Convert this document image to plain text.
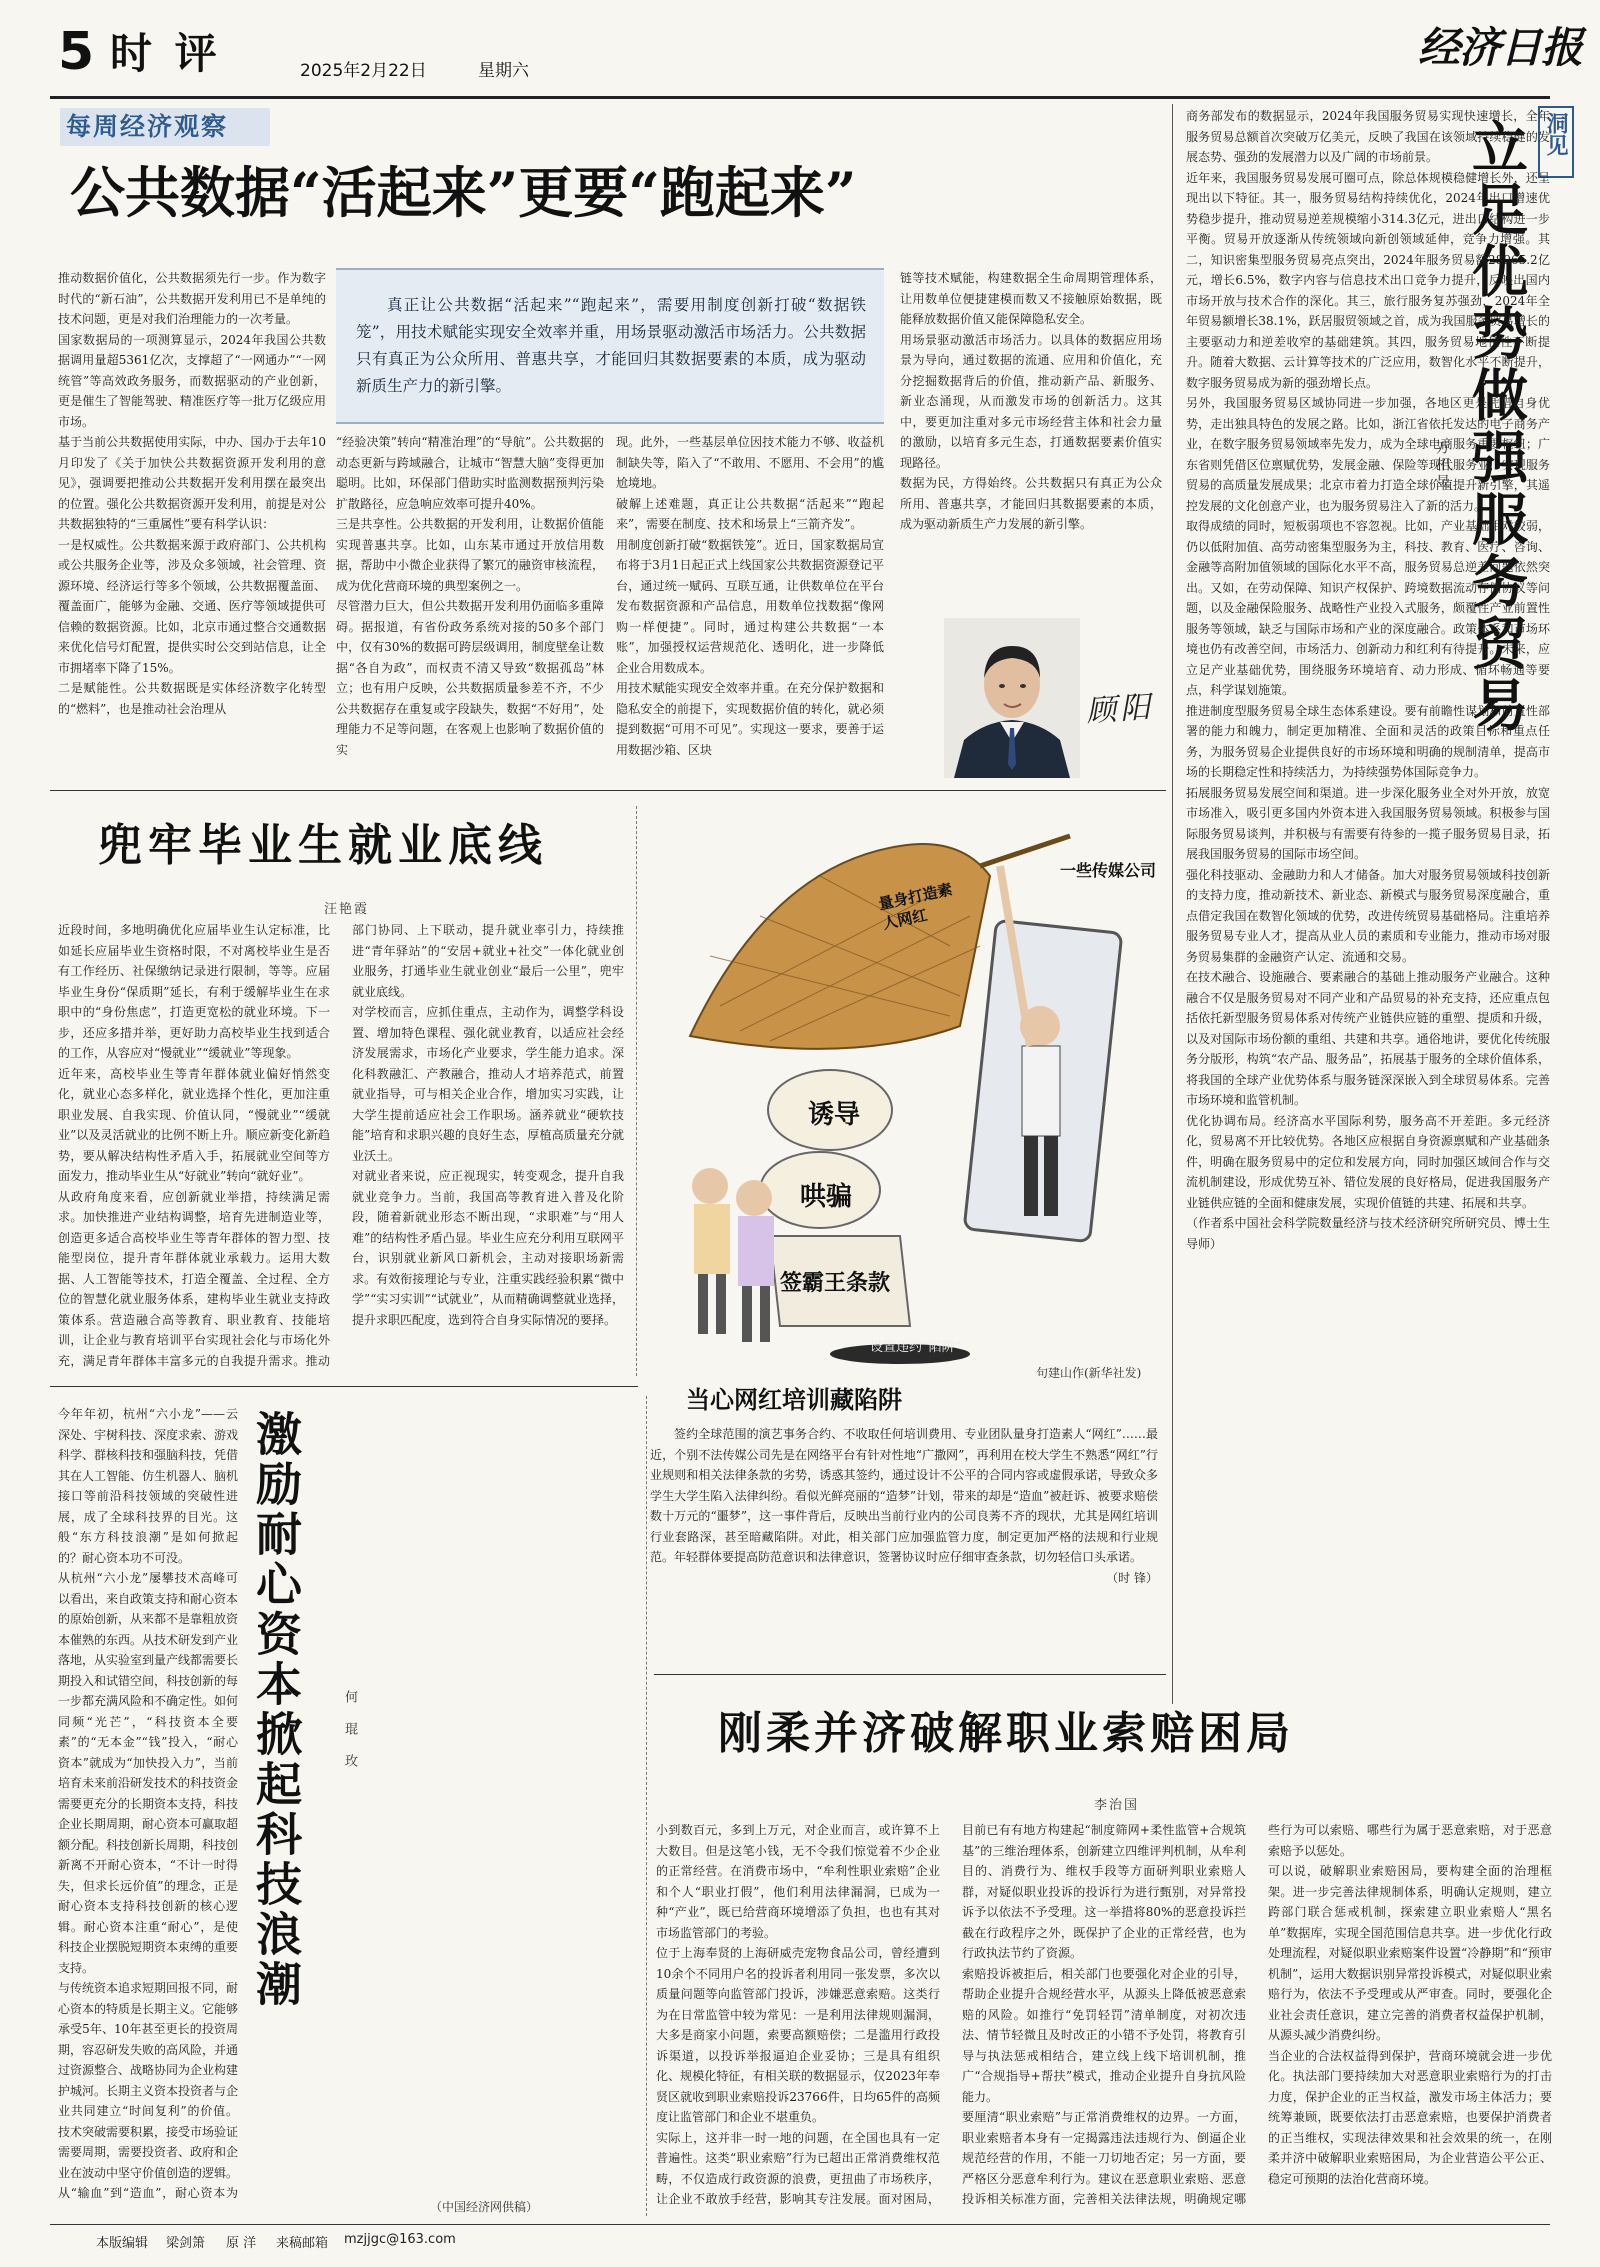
5 时 评	2025年2月22日	星期六	经济日报
每周经济观察
公共数据“活起来”更要“跑起来”
推动数据价值化，公共数据须先行一步。作为数字时代的“新石油”，公共数据开发利用已不是单纯的技术问题，更是对我们治理能力的一次考量。
国家数据局的一项测算显示，2024年我国公共数据调用量超5361亿次，支撑超了“一网通办”“一网统管”等高效政务服务，而数据驱动的产业创新，更是催生了智能驾驶、精准医疗等一批万亿级应用市场。
基于当前公共数据使用实际，中办、国办于去年10月印发了《关于加快公共数据资源开发利用的意见》，强调要把推动公共数据开发利用摆在最突出的位置。强化公共数据资源开发利用，前提是对公共数据独特的“三重属性”要有科学认识：
一是权威性。公共数据来源于政府部门、公共机构或公共服务企业等，涉及众多领域，社会管理、资源环境、经济运行等多个领域，公共数据覆盖面、覆盖面广，能够为金融、交通、医疗等领域提供可信赖的数据资源。比如，北京市通过整合交通数据来优化信号灯配置，提供实时公交到站信息，让全市拥堵率下降了15%。
二是赋能性。公共数据既是实体经济数字化转型的“燃料”，也是推动社会治理从
真正让公共数据“活起来”“跑起来”，需要用制度创新打破“数据铁笼”，用技术赋能实现安全效率并重，用场景驱动激活市场活力。公共数据只有真正为公众所用、普惠共享，才能回归其数据要素的本质，成为驱动新质生产力的新引擎。
“经验决策”转向“精准治理”的“导航”。公共数据的动态更新与跨域融合，让城市“智慧大脑”变得更加聪明。比如，环保部门借助实时监测数据预判污染扩散路径，应急响应效率可提升40%。
三是共享性。公共数据的开发利用，让数据价值能实现普惠共享。比如，山东某市通过开放信用数据，帮助中小微企业获得了繁冗的融资审核流程，成为优化营商环境的典型案例之一。
尽管潜力巨大，但公共数据开发利用仍面临多重障碍。据报道，有省份政务系统对接的50多个部门中，仅有30%的数据可跨层级调用，制度壁垒让数据“各自为政”，而权责不清又导致“数据孤岛”林立；也有用户反映，公共数据质量参差不齐，不少公共数据存在重复或字段缺失，数据“不好用”，处理能力不足等问题，在客观上也影响了数据价值的实
现。此外，一些基层单位因技术能力不够、收益机制缺失等，陷入了“不敢用、不愿用、不会用”的尴尬境地。
破解上述难题，真正让公共数据“活起来”“跑起来”，需要在制度、技术和场景上“三箭齐发”。
用制度创新打破“数据铁笼”。近日，国家数据局宣布将于3月1日起正式上线国家公共数据资源登记平台，通过统一赋码、互联互通，让供数单位在平台发布数据资源和产品信息，用数单位找数据“像网购一样便捷”。同时，通过构建公共数据“一本账”，加强授权运营规范化、透明化，进一步降低企业合用数成本。
用技术赋能实现安全效率并重。在充分保护数据和隐私安全的前提下，实现数据价值的转化，就必须提到数据“可用不可见”。实现这一要求，要善于运用数据沙箱、区块
链等技术赋能，构建数据全生命周期管理体系，让用数单位便捷建模而数又不接触原始数据，既能释放数据价值又能保障隐私安全。
用场景驱动激活市场活力。以具体的数据应用场景为导向，通过数据的流通、应用和价值化，充分挖掘数据背后的价值，推动新产品、新服务、新业态涌现，从而激发市场的创新活力。这其中，要更加注重对多元市场经营主体和社会力量的激励，以培育多元生态，打通数据要素价值实现路径。
数据为民，方得始终。公共数据只有真正为公众所用、普惠共享，才能回归其数据要素的本质，成为驱动新质生产力发展的新引擎。
顾阳
洞见
立足优势做强服务贸易
万相昱
商务部发布的数据显示，2024年我国服务贸易实现快速增长，全年服务贸易总额首次突破万亿美元，反映了我国在该领域持续稳健的发展态势、强劲的发展潜力以及广阔的市场前景。
近年来，我国服务贸易发展可圈可点，除总体规模稳健增长外，还呈现出以下特征。其一，服务贸易结构持续优化，2024年出口增速优势稳步提升，推动贸易逆差规模缩小314.3亿元，进出口结构进一步平衡。贸易开放逐渐从传统领域向新创领域延伸，竞争力增强。其二，知识密集型服务贸易亮点突出，2024年服务贸易额28965.2亿元，增长6.5%，数字内容与信息技术出口竞争力提升，反映出国内市场开放与技术合作的深化。其三，旅行服务复苏强劲，2024年全年贸易额增长38.1%，跃居服贸领域之首，成为我国服务贸易增长的主要驱动力和逆差收窄的基础建筑。其四，服务贸易地位性不断提升。随着大数据、云计算等技术的广泛应用，数智化水平不断提升，数字服务贸易成为新的强劲增长点。
另外，我国服务贸易区域协同进一步加强，各地区更是凭借自身优势，走出独具特色的发展之路。比如，浙江省依托发达的电子商务产业，在数字服务贸易领域率先发力，成为全球电商服务重要枢纽；广东省则凭借区位禀赋优势，发展金融、保险等现代服务业，实现服务贸易的高质量发展成果；北京市着力打造全球价值提升新引擎，其遥控发展的文化创意产业，也为服务贸易注入了新的活力。
取得成绩的同时，短板弱项也不容忽视。比如，产业基础相对较弱，仍以低附加值、高劳动密集型服务为主，科技、教育、医疗、咨询、金融等高附加值领域的国际化水平不高，服务贸易总逆差问题依然突出。又如，在劳动保障、知识产权保护、跨境数据流动存储协议等问题，以及金融保险服务、战略性产业投入式服务，颇覆性产业前置性服务等领域，缺乏与国际市场和产业的深度融合。政策体系和市场环境也仍有改善空间，市场活力、创新动力和红利有待提升。未来，应立足产业基础优势，围绕服务环境培育、动力形成、循环畅通等要点，科学谋划施策。
推进制度型服务贸易全球生态体系建设。要有前瞻性谋划和前置性部署的能力和魄力，制定更加精准、全面和灵活的政策目标和重点任务，为服务贸易企业提供良好的市场环境和明确的规制清单，提高市场的长期稳定性和持续活力，为持续强势体国际竞争力。
拓展服务贸易发展空间和渠道。进一步深化服务业全对外开放，放宽市场准入，吸引更多国内外资本进入我国服务贸易领域。积极参与国际服务贸易谈判，并积极与有需要有待参的一揽子服务贸易目录，拓展我国服务贸易的国际市场空间。
强化科技驱动、金融助力和人才储备。加大对服务贸易领域科技创新的支持力度，推动新技术、新业态、新模式与服务贸易深度融合，重点借定我国在数智化领域的优势，改进传统贸易基础格局。注重培养服务贸易专业人才，提高从业人员的素质和专业能力，推动市场对服务贸易集群的金融资产认定、流通和交易。
在技术融合、设施融合、要素融合的基础上推动服务产业融合。这种融合不仅是服务贸易对不同产业和产品贸易的补充支持，还应重点包括依托新型服务贸易体系对传统产业链供应链的重塑、提质和升级，以及对国际市场份额的重组、共建和共享。通俗地讲，要优化传统服务分版形，构筑“农产品、服务品”，拓展基于服务的全球价值体系，将我国的全球产业优势体系与服务链深深嵌入到全球贸易体系。完善市场环境和监管机制。
优化协调布局。经济高水平国际利势，服务高不开差距。多元经济化，贸易离不开比较优势。各地区应根据自身资源禀赋和产业基础条件，明确在服务贸易中的定位和发展方向，同时加强区域间合作与交流机制建设，形成优势互补、错位发展的良好格局，促进我国服务产业链供应链的全面和健康发展，实现价值链的共建、拓展和共享。
（作者系中国社会科学院数量经济与技术经济研究所研究员、博士生导师）
兜牢毕业生就业底线
汪艳霞
近段时间，多地明确优化应届毕业生认定标准，比如延长应届毕业生资格时限，不对离校毕业生是否有工作经历、社保缴纳记录进行限制，等等。应届毕业生身份“保质期”延长，有利于缓解毕业生在求职中的“身份焦虑”，打造更宽松的就业环境。下一步，还应多措并举，更好助力高校毕业生找到适合的工作，从容应对“慢就业”“缓就业”等现象。
近年来，高校毕业生等青年群体就业偏好悄然变化，就业心态多样化，就业选择个性化，更加注重职业发展、自我实现、价值认同，“慢就业”“缓就业”以及灵活就业的比例不断上升。顺应新变化新趋势，要从解决结构性矛盾入手，拓展就业空间等方面发力，推动毕业生从“好就业”转向“就好业”。
从政府角度来看，应创新就业举措，持续满足需求。加快推进产业结构调整，培育先进制造业等，创造更多适合高校毕业生等青年群体的智力型、技能型岗位，提升青年群体就业承载力。运用大数据、人工智能等技术，打造全覆盖、全过程、全方位的智慧化就业服务体系，建构毕业生就业支持政策体系。营造融合高等教育、职业教育、技能培训，让企业与教育培训平台实现社会化与市场化外充，满足青年群体丰富多元的自我提升需求。推动部门协同、上下联动，提升就业率引力，持续推进“青年驿站”的“安居+就业+社交”一体化就业创业服务，打通毕业生就业创业“最后一公里”，兜牢就业底线。
对学校而言，应抓住重点，主动作为，调整学科设置、增加特色课程、强化就业教育，以适应社会经济发展需求，市场化产业要求，学生能力追求。深化科教融汇、产教融合，推动人才培养范式，前置就业指导，可与相关企业合作，增加实习实践，让大学生提前适应社会工作职场。涵养就业“硬软技能”培育和求职兴趣的良好生态，厚植高质量充分就业沃土。
对就业者来说，应正视现实，转变观念，提升自我就业竞争力。当前，我国高等教育进入普及化阶段，随着新就业形态不断出现，“求职难”与“用人难”的结构性矛盾凸显。毕业生应充分利用互联网平台，识别就业新风口新机会，主动对接职场新需求。有效衔接理论与专业，注重实践经验积累“微中学”“实习实训”“试就业”，从而精确调整就业选择，提升求职匹配度，选到符合自身实际情况的要择。
一些传媒公司
量身打造素人网红
诱导
哄骗
签霸王条款
设置违约“陷阱”
句建山作(新华社发)
当心网红培训藏陷阱

签约全球范围的演艺事务合约、不收取任何培训费用、专业团队量身打造素人“网红”……最近，个别不法传媒公司先是在网络平台有针对性地“广撒网”，再利用在校大学生不熟悉“网红”行业规则和相关法律条款的劣势，诱惑其签约，通过设计不公平的合同内容或虚假承诺，导致众多学生大学生陷入法律纠纷。看似光鲜亮丽的“造梦”计划，带来的却是“造血”被赶诉、被要求赔偿数十万元的“噩梦”，这一事件背后，反映出当前行业内的公司良莠不齐的现状，尤其是网红培训行业套路深，甚至暗藏陷阱。对此，相关部门应加强监管力度，制定更加严格的法规和行业规范。年轻群体要提高防范意识和法律意识，签署协议时应仔细审查条款，切勿轻信口头承诺。

（时 锋）
今年年初，杭州“六小龙”——云深处、宇树科技、深度求索、游戏科学、群核科技和强脑科技，凭借其在人工智能、仿生机器人、脑机接口等前沿科技领域的突破性进展，成了全球科技界的目光。这般“东方科技浪潮”是如何掀起的？耐心资本功不可没。
从杭州“六小龙”屡攀技术高峰可以看出，来自政策支持和耐心资本的原始创新，从来都不是靠粗放资本催熟的东西。从技术研发到产业落地，从实验室到量产线都需要长期投入和试错空间，科技创新的每一步都充满风险和不确定性。如何同频“光芒”，“科技资本全要素”的“无本金”“钱”投入，“耐心资本”就成为“加快投入力”，当前培育未来前沿研发技术的科技资金需要更充分的长期资本支持，科技企业长期周期，耐心资本可赢取超额分配。科技创新长周期，科技创新离不开耐心资本，“不计一时得失，但求长远价值”的理念，正是耐心资本支持科技创新的核心逻辑。耐心资本注重“耐心”，是使科技企业摆脱短期资本束缚的重要支持。
与传统资本追求短期回报不同，耐心资本的特质是长期主义。它能够承受5年、10年甚至更长的投资周期，容忍研发失败的高风险，并通过资源整合、战略协同为企业构建护城河。长期主义资本投资者与企业共同建立“时间复利”的价值。技术突破需要积累，接受市场验证需要周期，需要投资者、政府和企业在波动中坚守价值创造的逻辑。从“输血”到“造血”，耐心资本为

激励耐心资本掀起科技浪潮	何 琨 玫
（中国经济网供稿）
刚柔并济破解职业索赔困局
李治国
小到数百元，多到上万元，对企业而言，或许算不上大数目。但是这笔小钱，无不令我们惊觉着不少企业的正常经营。在消费市场中，“牟利性职业索赔”企业和个人“职业打假”，他们利用法律漏洞，已成为一种“产业”，既已给营商环境增添了负担，也也有其对市场监管部门的考验。
位于上海奉贤的上海研威壳宠物食品公司，曾经遭到10余个不同用户名的投诉者利用同一张发票，多次以质量问题等向监管部门投诉，涉嫌恶意索赔。这类行为在日常监管中较为常见：一是利用法律规则漏洞，大多是商家小问题，索要高额赔偿；二是滥用行政投诉渠道，以投诉举报逼迫企业妥协；三是具有组织化、规模化特征，有相关联的数据显示，仅2023年奉贤区就收到职业索赔投诉23766件，日均65件的高频度让监管部门和企业不堪重负。
实际上，这并非一时一地的问题，在全国也具有一定普遍性。这类“职业索赔”行为已超出正常消费维权范畴，不仅造成行政资源的浪费，更扭曲了市场秩序，让企业不敢放手经营，影响其专注发展。面对困局，目前已有有地方构建起“制度筛网+柔性监管+合规筑基”的三维治理体系，创新建立四维评判机制，从牟利目的、消费行为、维权手段等方面研判职业索赔人群，对疑似职业投诉的投诉行为进行甄别，对异常投诉予以依法不予受理。这一举措将80%的恶意投诉拦截在行政程序之外，既保护了企业的正常经营，也为行政执法节约了资源。
索赔投诉被拒后，相关部门也要强化对企业的引导，帮助企业提升合规经营水平，从源头上降低被恶意索赔的风险。如推行“免罚轻罚”清单制度，对初次违法、情节轻微且及时改正的小错不予处罚，将教育引导与执法惩戒相结合，建立线上线下培训机制，推广“合规指导+帮扶”模式，推动企业提升自身抗风险能力。
要厘清“职业索赔”与正常消费维权的边界。一方面，职业索赔者本身有一定揭露违法违规行为、倒逼企业规范经营的作用，不能一刀切地否定；另一方面，要严格区分恶意牟利行为。建议在恶意职业索赔、恶意投诉相关标准方面，完善相关法律法规，明确规定哪些行为可以索赔、哪些行为属于恶意索赔，对于恶意索赔予以惩处。
可以说，破解职业索赔困局，要构建全面的治理框架。进一步完善法律规制体系，明确认定规则，建立跨部门联合惩戒机制，探索建立职业索赔人“黑名单”数据库，实现全国范围信息共享。进一步优化行政处理流程，对疑似职业索赔案件设置“冷静期”和“预审机制”，运用大数据识别异常投诉模式，对疑似职业索赔行为，依法不予受理或从严审查。同时，要强化企业社会责任意识，建立完善的消费者权益保护机制，从源头减少消费纠纷。
当企业的合法权益得到保护，营商环境就会进一步优化。执法部门要持续加大对恶意职业索赔行为的打击力度，保护企业的正当权益，激发市场主体活力；要统筹兼顾，既要依法打击恶意索赔，也要保护消费者的正当维权，实现法律效果和社会效果的统一，在刚柔并济中破解职业索赔困局，为企业营造公平公正、稳定可预期的法治化营商环境。
本版编辑 梁剑箫 原 洋 来稿邮箱 mzjjgc@163.com
